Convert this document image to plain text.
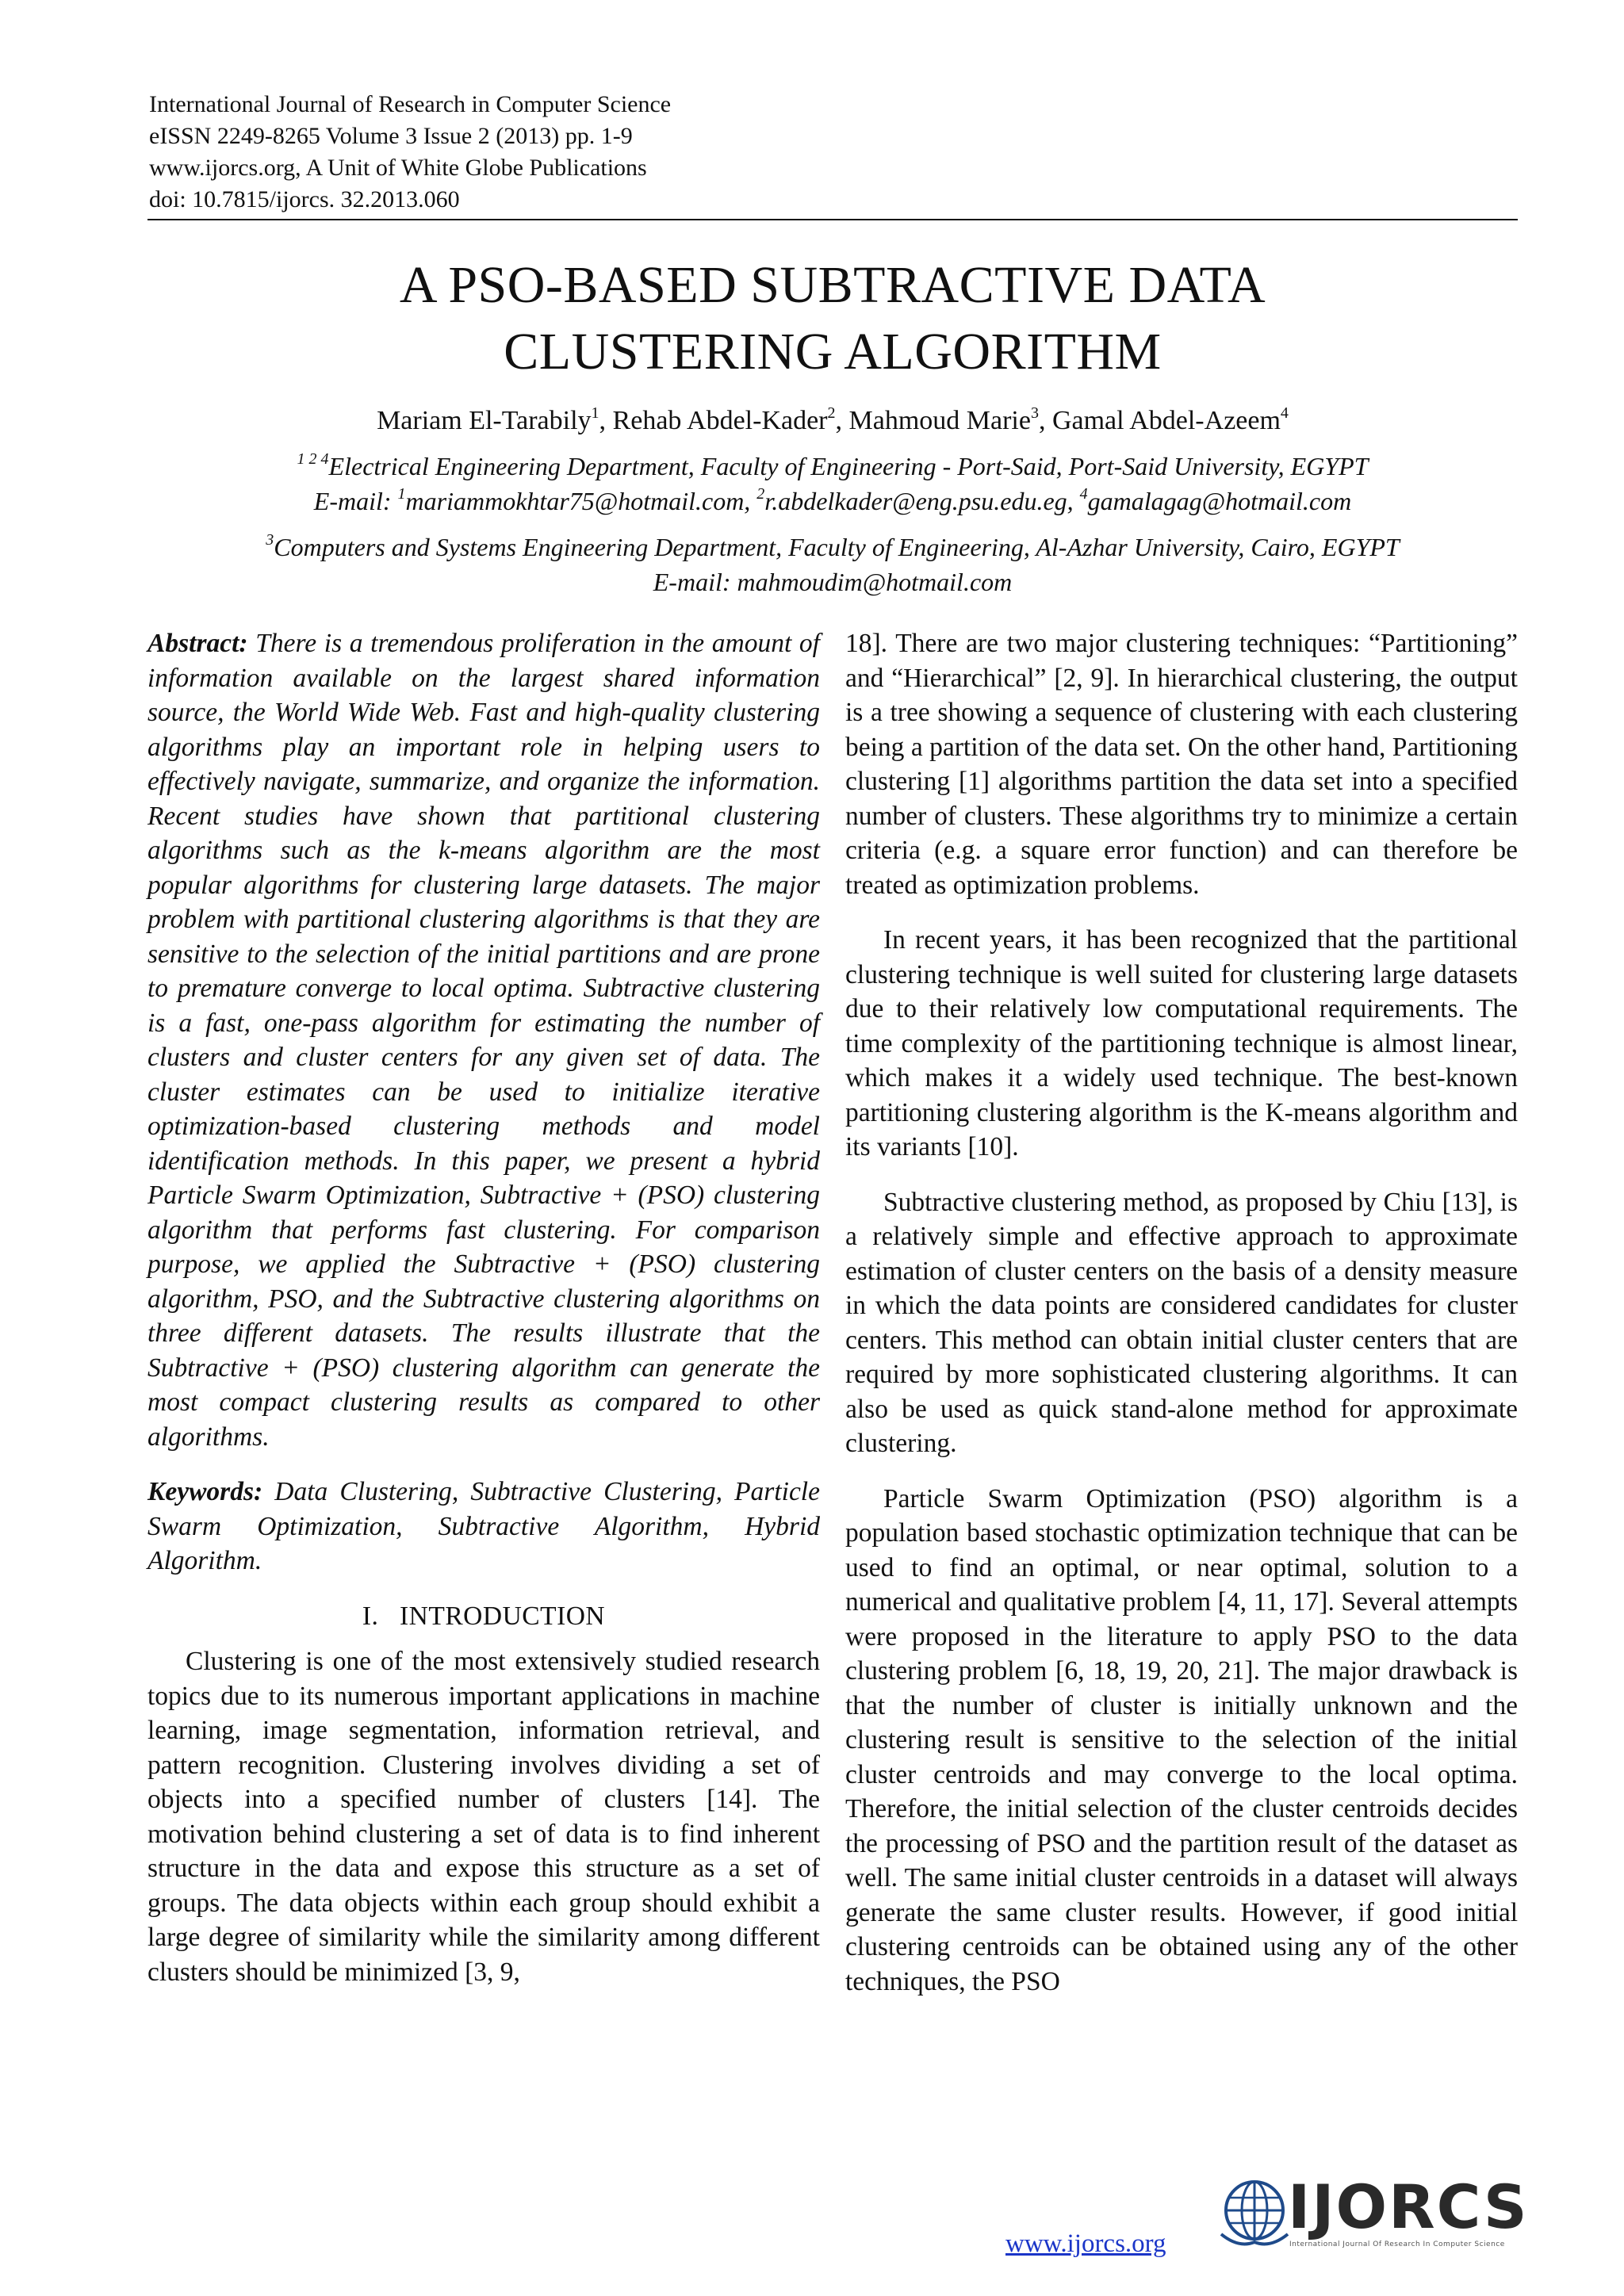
International Journal of Research in Computer Science
eISSN 2249-8265 Volume 3 Issue 2 (2013) pp. 1-9
www.ijorcs.org, A Unit of White Globe Publications
doi: 10.7815/ijorcs. 32.2013.060
A PSO-BASED SUBTRACTIVE DATA
CLUSTERING ALGORITHM
Mariam El-Tarabily$^1$, Rehab Abdel-Kader$^2$, Mahmoud Marie$^3$, Gamal Abdel-Azeem$^4$
$^{1 2 4}$Electrical Engineering Department, Faculty of Engineering - Port-Said, Port-Said University, EGYPT
E-mail: $^1$mariammokhtar75@hotmail.com, $^2$r.abdelkader@eng.psu.edu.eg, $^4$gamalagag@hotmail.com
$^3$Computers and Systems Engineering Department, Faculty of Engineering, Al-Azhar University, Cairo, EGYPT
E-mail: mahmoudim@hotmail.com

Abstract: There is a tremendous proliferation in the amount of information available on the largest shared information source, the World Wide Web. Fast and high-quality clustering algorithms play an important role in helping users to effectively navigate, summarize, and organize the information. Recent studies have shown that partitional clustering algorithms such as the k-means algorithm are the most popular algorithms for clustering large datasets. The major problem with partitional clustering algorithms is that they are sensitive to the selection of the initial partitions and are prone to premature converge to local optima. Subtractive clustering is a fast, one-pass algorithm for estimating the number of clusters and cluster centers for any given set of data. The cluster estimates can be used to initialize iterative optimization-based clustering methods and model identification methods. In this paper, we present a hybrid Particle Swarm Optimization, Subtractive + (PSO) clustering algorithm that performs fast clustering. For comparison purpose, we applied the Subtractive + (PSO) clustering algorithm, PSO, and the Subtractive clustering algorithms on three different datasets. The results illustrate that the Subtractive + (PSO) clustering algorithm can generate the most compact clustering results as compared to other algorithms.

Keywords: Data Clustering, Subtractive Clustering, Particle Swarm Optimization, Subtractive Algorithm, Hybrid Algorithm.

I.   INTRODUCTION

Clustering is one of the most extensively studied research topics due to its numerous important applications in machine learning, image segmentation, information retrieval, and pattern recognition. Clustering involves dividing a set of objects into a specified number of clusters [14]. The motivation behind clustering a set of data is to find inherent structure in the data and expose this structure as a set of groups. The data objects within each group should exhibit a large degree of similarity while the similarity among different clusters should be minimized [3, 9,

18]. There are two major clustering techniques: “Partitioning” and “Hierarchical” [2, 9]. In hierarchical clustering, the output is a tree showing a sequence of clustering with each clustering being a partition of the data set. On the other hand, Partitioning clustering [1] algorithms partition the data set into a specified number of clusters. These algorithms try to minimize a certain criteria (e.g. a square error function) and can therefore be treated as optimization problems.

In recent years, it has been recognized that the partitional clustering technique is well suited for clustering large datasets due to their relatively low computational requirements. The time complexity of the partitioning technique is almost linear, which makes it a widely used technique. The best-known partitioning clustering algorithm is the K-means algorithm and its variants [10].

Subtractive clustering method, as proposed by Chiu [13], is a relatively simple and effective approach to approximate estimation of cluster centers on the basis of a density measure in which the data points are considered candidates for cluster centers. This method can obtain initial cluster centers that are required by more sophisticated clustering algorithms. It can also be used as quick stand-alone method for approximate clustering.

Particle Swarm Optimization (PSO) algorithm is a population based stochastic optimization technique that can be used to find an optimal, or near optimal, solution to a numerical and qualitative problem [4, 11, 17]. Several attempts were proposed in the literature to apply PSO to the data clustering problem [6, 18, 19, 20, 21]. The major drawback is that the number of cluster is initially unknown and the clustering result is sensitive to the selection of the initial cluster centroids and may converge to the local optima. Therefore, the initial selection of the cluster centroids decides the processing of PSO and the partition result of the dataset as well. The same initial cluster centroids in a dataset will always generate the same cluster results. However, if good initial clustering centroids can be obtained using any of the other techniques, the PSO

www.ijorcs.org
IJORCS
International Journal Of Research In Computer Science
